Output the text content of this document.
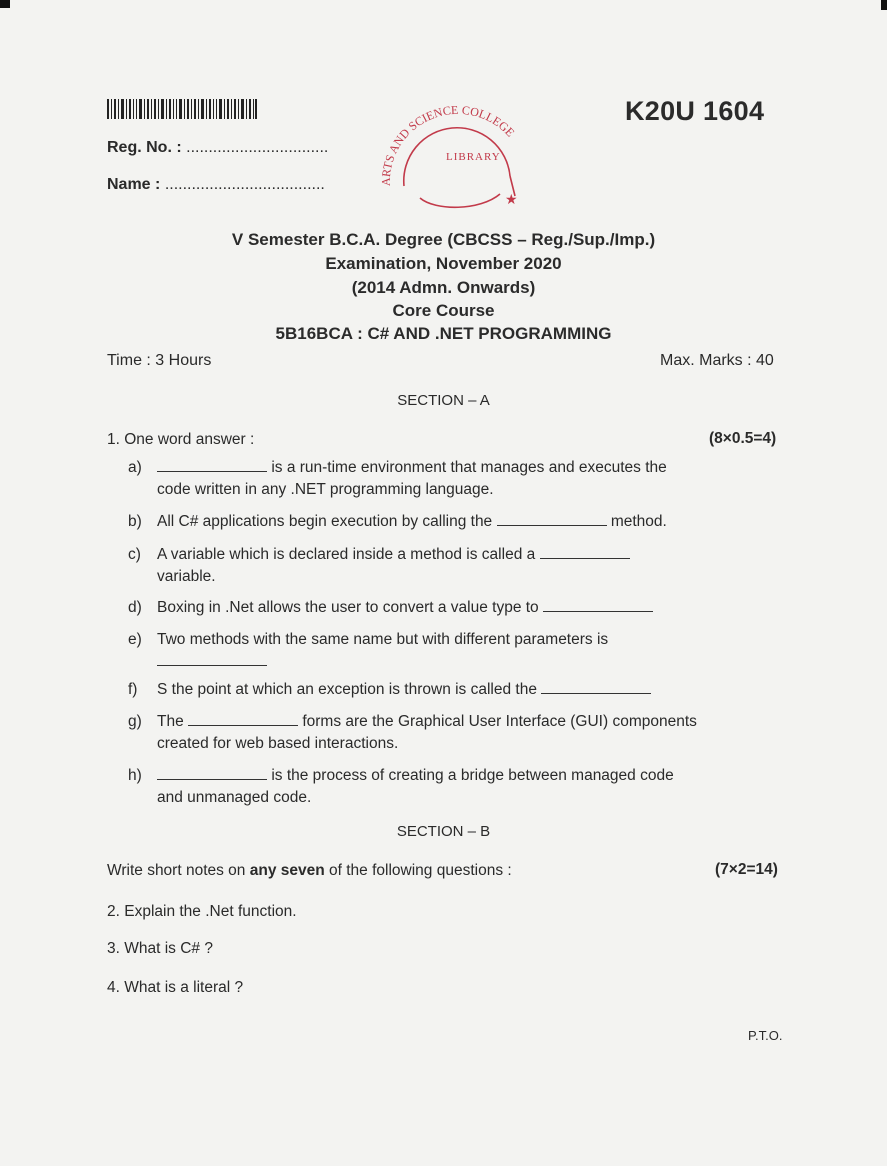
K20U 1604
Reg. No. : ................................
Name : ....................................	ARTS AND SCIENCE COLLEGE
LIBRARY
★
V Semester B.C.A. Degree (CBCSS – Reg./Sup./Imp.)
Examination, November 2020
(2014 Admn. Onwards)
Core Course
5B16BCA : C# AND .NET PROGRAMMING
Time : 3 Hours	Max. Marks : 40
SECTION – A
1. One word answer :	(8×0.5=4)
a)	is a run-time environment that manages and executes the
code written in any .NET programming language.
b) All C# applications begin execution by calling the	method.
c) A variable which is declared inside a method is called a
variable.
d) Boxing in .Net allows the user to convert a value type to
e) Two methods with the same name but with different parameters is
f) S the point at which an exception is thrown is called the
g) The	forms are the Graphical User Interface (GUI) components
created for web based interactions.
h)	is the process of creating a bridge between managed code
and unmanaged code.
SECTION – B
Write short notes on any seven of the following questions :	(7×2=14)
2. Explain the .Net function.
3. What is C# ?
4. What is a literal ?
P.T.O.
